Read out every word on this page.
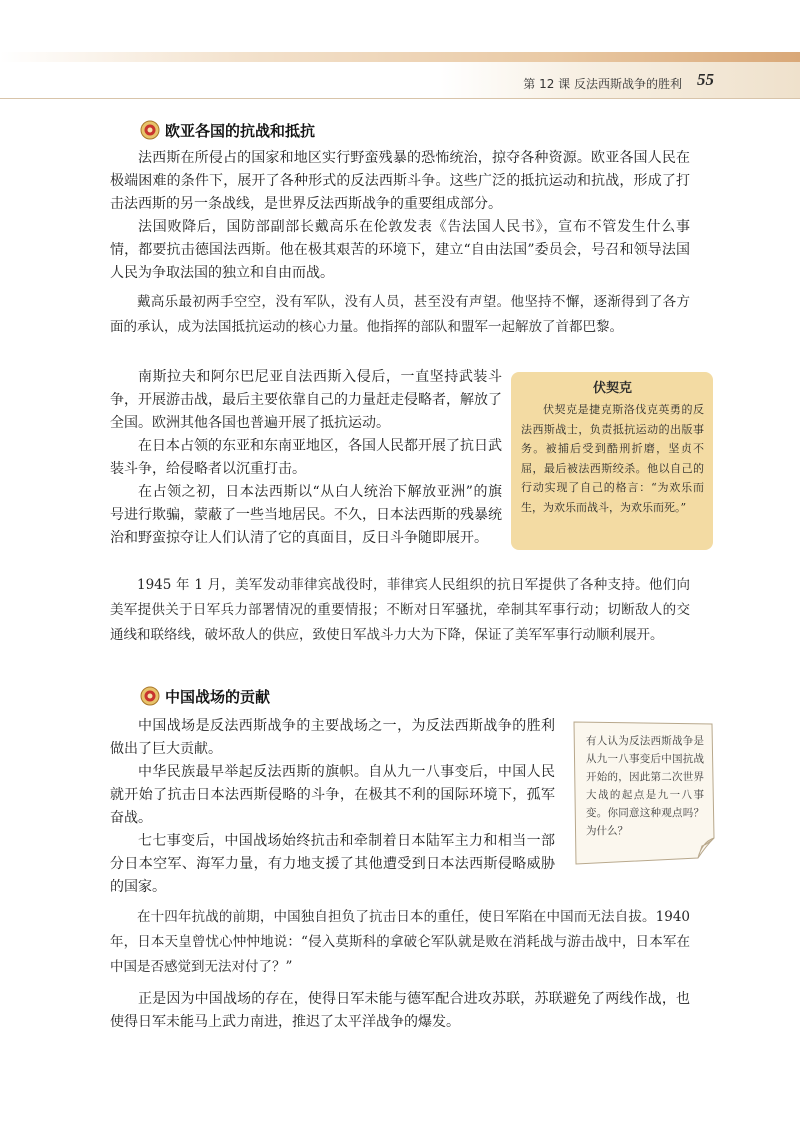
第 12 课 反法西斯战争的胜利 55
欧亚各国的抗战和抵抗

法西斯在所侵占的国家和地区实行野蛮残暴的恐怖统治，掠夺各种资源。欧亚各国人民在极端困难的条件下，展开了各种形式的反法西斯斗争。这些广泛的抵抗运动和抗战，形成了打击法西斯的另一条战线，是世界反法西斯战争的重要组成部分。

法国败降后，国防部副部长戴高乐在伦敦发表《告法国人民书》，宣布不管发生什么事情，都要抗击德国法西斯。他在极其艰苦的环境下，建立“自由法国”委员会，号召和领导法国人民为争取法国的独立和自由而战。

戴高乐最初两手空空，没有军队，没有人员，甚至没有声望。他坚持不懈，逐渐得到了各方面的承认，成为法国抵抗运动的核心力量。他指挥的部队和盟军一起解放了首都巴黎。

南斯拉夫和阿尔巴尼亚自法西斯入侵后，一直坚持武装斗争，开展游击战，最后主要依靠自己的力量赶走侵略者，解放了全国。欧洲其他各国也普遍开展了抵抗运动。

在日本占领的东亚和东南亚地区，各国人民都开展了抗日武装斗争，给侵略者以沉重打击。

在占领之初，日本法西斯以“从白人统治下解放亚洲”的旗号进行欺骗，蒙蔽了一些当地居民。不久，日本法西斯的残暴统治和野蛮掠夺让人们认清了它的真面目，反日斗争随即展开。

伏契克

伏契克是捷克斯洛伐克英勇的反法西斯战士，负责抵抗运动的出版事务。被捕后受到酷刑折磨，坚贞不屈，最后被法西斯绞杀。他以自己的行动实现了自己的格言：“为欢乐而生，为欢乐而战斗，为欢乐而死。”

1945 年 1 月，美军发动菲律宾战役时，菲律宾人民组织的抗日军提供了各种支持。他们向美军提供关于日军兵力部署情况的重要情报；不断对日军骚扰，牵制其军事行动；切断敌人的交通线和联络线，破坏敌人的供应，致使日军战斗力大为下降，保证了美军军事行动顺利展开。

中国战场的贡献

中国战场是反法西斯战争的主要战场之一，为反法西斯战争的胜利做出了巨大贡献。

中华民族最早举起反法西斯的旗帜。自从九一八事变后，中国人民就开始了抗击日本法西斯侵略的斗争，在极其不利的国际环境下，孤军奋战。

七七事变后，中国战场始终抗击和牵制着日本陆军主力和相当一部分日本空军、海军力量，有力地支援了其他遭受到日本法西斯侵略威胁的国家。

有人认为反法西斯战争是从九一八事变后中国抗战开始的，因此第二次世界大战的起点是九一八事变。你同意这种观点吗？为什么？

在十四年抗战的前期，中国独自担负了抗击日本的重任，使日军陷在中国而无法自拔。1940 年，日本天皇曾忧心忡忡地说：“侵入莫斯科的拿破仑军队就是败在消耗战与游击战中，日本军在中国是否感觉到无法对付了？”

正是因为中国战场的存在，使得日军未能与德军配合进攻苏联，苏联避免了两线作战，也使得日军未能马上武力南进，推迟了太平洋战争的爆发。
